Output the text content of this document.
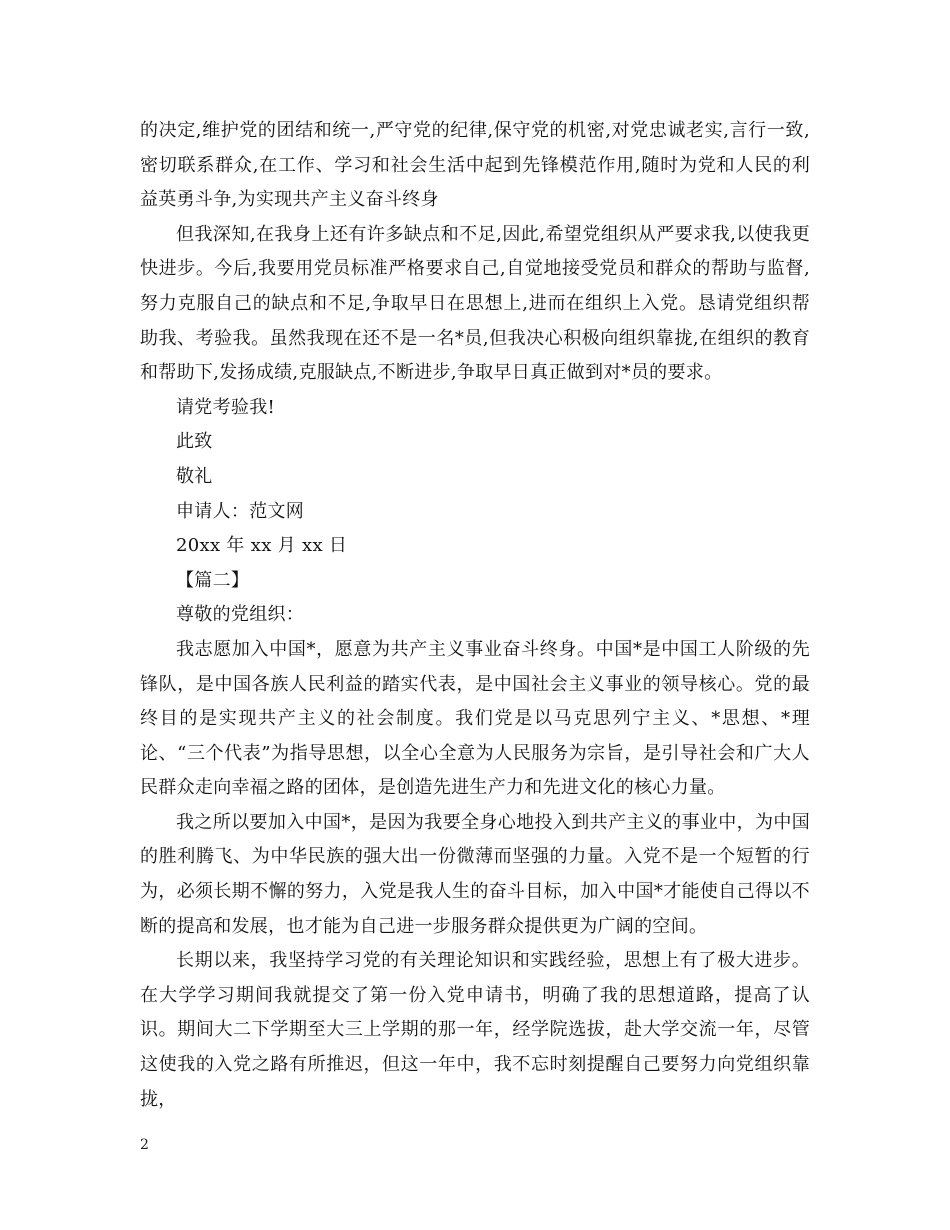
的决定,维护党的团结和统一,严守党的纪律,保守党的机密,对党忠诚老实,言行一致,密切联系群众,在工作、学习和社会生活中起到先锋模范作用,随时为党和人民的利益英勇斗争,为实现共产主义奋斗终身

但我深知,在我身上还有许多缺点和不足,因此,希望党组织从严要求我,以使我更快进步。今后,我要用党员标准严格要求自己,自觉地接受党员和群众的帮助与监督,努力克服自己的缺点和不足,争取早日在思想上,进而在组织上入党。恳请党组织帮助我、考验我。虽然我现在还不是一名*员,但我决心积极向组织靠拢,在组织的教育和帮助下,发扬成绩,克服缺点,不断进步,争取早日真正做到对*员的要求。

请党考验我!

此致

敬礼

申请人：范文网

20xx 年 xx 月 xx 日

【篇二】

尊敬的党组织：

我志愿加入中国*，愿意为共产主义事业奋斗终身。中国*是中国工人阶级的先锋队，是中国各族人民利益的踏实代表，是中国社会主义事业的领导核心。党的最终目的是实现共产主义的社会制度。我们党是以马克思列宁主义、*思想、*理论、“三个代表”为指导思想，以全心全意为人民服务为宗旨，是引导社会和广大人民群众走向幸福之路的团体，是创造先进生产力和先进文化的核心力量。

我之所以要加入中国*，是因为我要全身心地投入到共产主义的事业中，为中国的胜利腾飞、为中华民族的强大出一份微薄而坚强的力量。入党不是一个短暂的行为，必须长期不懈的努力，入党是我人生的奋斗目标，加入中国*才能使自己得以不断的提高和发展，也才能为自己进一步服务群众提供更为广阔的空间。

长期以来，我坚持学习党的有关理论知识和实践经验，思想上有了极大进步。在大学学习期间我就提交了第一份入党申请书，明确了我的思想道路，提高了认识。期间大二下学期至大三上学期的那一年，经学院选拔，赴大学交流一年，尽管这使我的入党之路有所推迟，但这一年中，我不忘时刻提醒自己要努力向党组织靠拢，

2
